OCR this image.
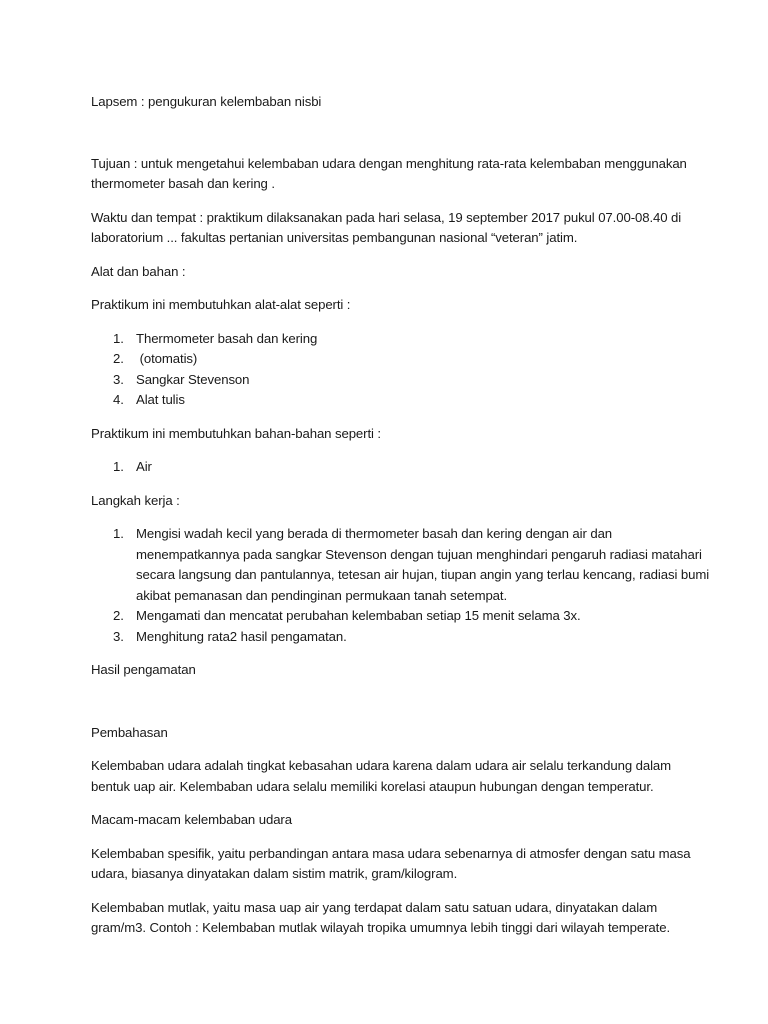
Lapsem : pengukuran kelembaban nisbi

Tujuan : untuk mengetahui kelembaban udara dengan menghitung rata-rata kelembaban menggunakan thermometer basah dan kering .

Waktu dan tempat : praktikum dilaksanakan pada hari selasa, 19 september 2017 pukul 07.00-08.40 di laboratorium ... fakultas pertanian universitas pembangunan nasional “veteran” jatim.

Alat dan bahan :

Praktikum ini membutuhkan alat-alat seperti :

1. Thermometer basah dan kering
2. (otomatis)
3. Sangkar Stevenson
4. Alat tulis

Praktikum ini membutuhkan bahan-bahan seperti :

1. Air

Langkah kerja :

1. Mengisi wadah kecil yang berada di thermometer basah dan kering dengan air dan menempatkannya pada sangkar Stevenson dengan tujuan menghindari pengaruh radiasi matahari secara langsung dan pantulannya, tetesan air hujan, tiupan angin yang terlau kencang, radiasi bumi akibat pemanasan dan pendinginan permukaan tanah setempat.
2. Mengamati dan mencatat perubahan kelembaban setiap 15 menit selama 3x.
3. Menghitung rata2 hasil pengamatan.

Hasil pengamatan

Pembahasan

Kelembaban udara adalah tingkat kebasahan udara karena dalam udara air selalu terkandung dalam bentuk uap air. Kelembaban udara selalu memiliki korelasi ataupun hubungan dengan temperatur.

Macam-macam kelembaban udara

Kelembaban spesifik, yaitu perbandingan antara masa udara sebenarnya di atmosfer dengan satu masa udara, biasanya dinyatakan dalam sistim matrik, gram/kilogram.

Kelembaban mutlak, yaitu masa uap air yang terdapat dalam satu satuan udara, dinyatakan dalam gram/m3. Contoh : Kelembaban mutlak wilayah tropika umumnya lebih tinggi dari wilayah temperate.
